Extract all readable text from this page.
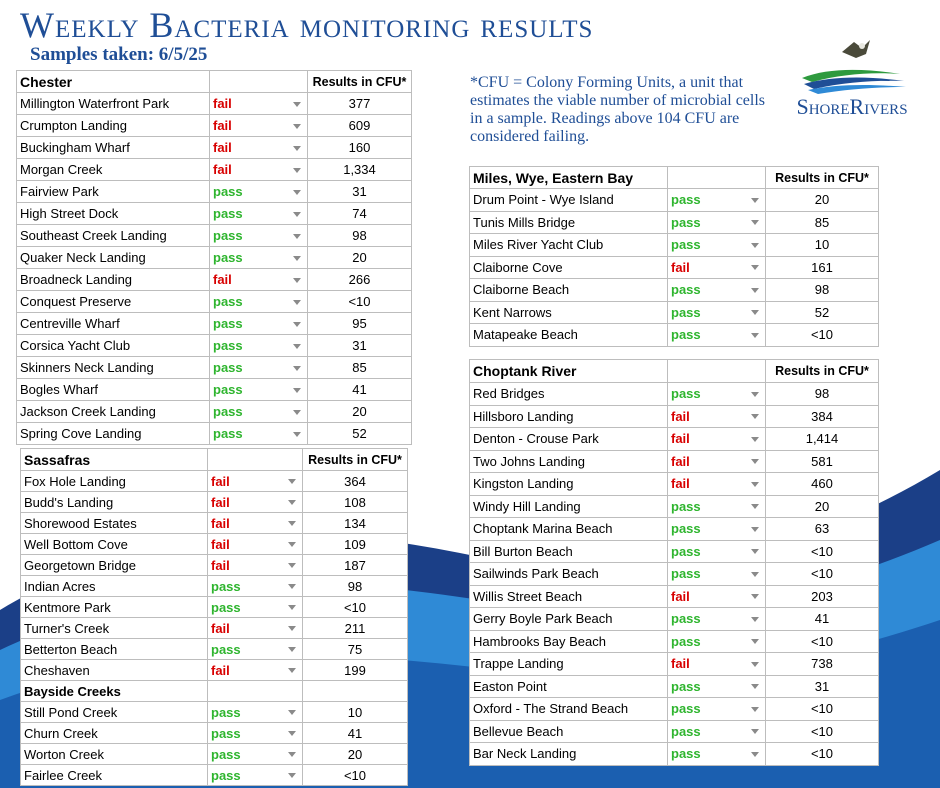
Weekly Bacteria monitoring results
Samples taken: 6/5/25
*CFU = Colony Forming Units, a unit that estimates the viable number of microbial cells in a sample. Readings above 104 CFU are considered failing.
ShoreRivers
Chester		Results in CFU*
Millington Waterfront Park	fail	377
Crumpton Landing	fail	609
Buckingham Wharf	fail	160
Morgan Creek	fail	1,334
Fairview Park	pass	31
High Street Dock	pass	74
Southeast Creek Landing	pass	98
Quaker Neck Landing	pass	20
Broadneck Landing	fail	266
Conquest Preserve	pass	<10
Centreville Wharf	pass	95
Corsica Yacht Club	pass	31
Skinners Neck Landing	pass	85
Bogles Wharf	pass	41
Jackson Creek Landing	pass	20
Spring Cove Landing	pass	52
Sassafras		Results in CFU*
Fox Hole Landing	fail	364
Budd's Landing	fail	108
Shorewood Estates	fail	134
Well Bottom Cove	fail	109
Georgetown Bridge	fail	187
Indian Acres	pass	98
Kentmore Park	pass	<10
Turner's Creek	fail	211
Betterton Beach	pass	75
Cheshaven	fail	199
Bayside Creeks		
Still Pond Creek	pass	10
Churn Creek	pass	41
Worton Creek	pass	20
Fairlee Creek	pass	<10
Miles, Wye, Eastern Bay		Results in CFU*
Drum Point - Wye Island	pass	20
Tunis Mills Bridge	pass	85
Miles River Yacht Club	pass	10
Claiborne Cove	fail	161
Claiborne Beach	pass	98
Kent Narrows	pass	52
Matapeake Beach	pass	<10
Choptank River		Results in CFU*
Red Bridges	pass	98
Hillsboro Landing	fail	384
Denton - Crouse Park	fail	1,414
Two Johns Landing	fail	581
Kingston Landing	fail	460
Windy Hill Landing	pass	20
Choptank Marina Beach	pass	63
Bill Burton Beach	pass	<10
Sailwinds Park Beach	pass	<10
Willis Street Beach	fail	203
Gerry Boyle Park Beach	pass	41
Hambrooks Bay Beach	pass	<10
Trappe Landing	fail	738
Easton Point	pass	31
Oxford - The Strand Beach	pass	<10
Bellevue Beach	pass	<10
Bar Neck Landing	pass	<10
